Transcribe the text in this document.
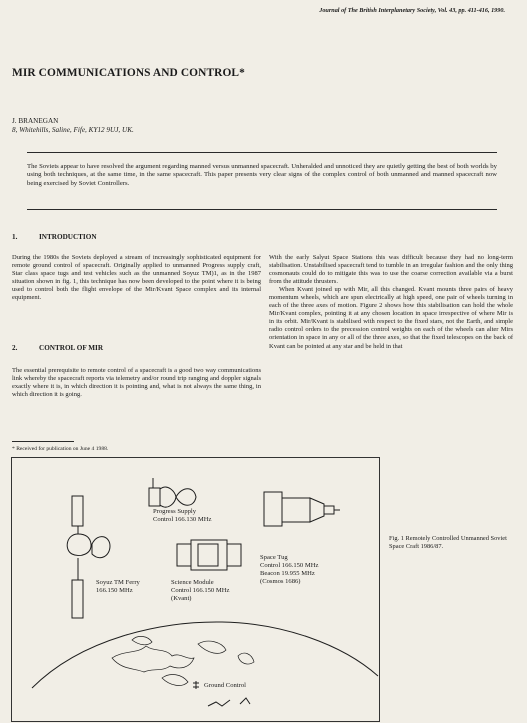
Journal of The British Interplanetary Society, Vol. 43, pp. 411-416, 1990.
MIR COMMUNICATIONS AND CONTROL*
J. BRANEGAN
8, Whitehills, Saline, Fife, KY12 9UJ, UK.
The Soviets appear to have resolved the argument regarding manned versus unmanned spacecraft. Unheralded and unnoticed they are quietly getting the best of both worlds by using both techniques, at the same time, in the same spacecraft. This paper presents very clear signs of the complex control of both unmanned and manned spacecraft now being exercised by Soviet Controllers.
1.	INTRODUCTION

During the 1980s the Soviets deployed a stream of increasingly sophisticated equipment for remote ground control of spacecraft. Originally applied to unmanned Progress supply craft, Star class space tugs and test vehicles such as the unmanned Soyuz TM)1, as in the 1987 situation shown in fig. 1, this technique has now been developed to the point where it is being used to control both the flight envelope of the Mir/Kvant Space complex and its internal equipment.

2.	CONTROL OF MIR

The essential prerequisite to remote control of a spacecraft is a good two way communications link whereby the spacecraft reports via telemetry and/or round trip ranging and doppler signals exactly where it is, in which direction it is pointing and, what is not always the same thing, in which direction it is going.

With the early Salyut Space Stations this was difficult because they had no long-term stabilisation. Unstabilised spacecraft tend to tumble in an irregular fashion and the only thing cosmonauts could do to mitigate this was to use the coarse correction available via a burst from the attitude thrusters.

When Kvant joined up with Mir, all this changed. Kvant mounts three pairs of heavy momentum wheels, which are spun electrically at high speed, one pair of wheels turning in each of the three axes of motion. Figure 2 shows how this stabilisation can hold the whole Mir/Kvant complex, pointing it at any chosen location in space irrespective of where Mir is in its orbit. Mir/Kvant is stabilised with respect to the fixed stars, not the Earth, and simple radio control orders to the precession control weights on each of the wheels can alter Mirs orientation in space in any or all of the three axes, so that the fixed telescopes on the back of Kvant can be pointed at any star and be held in that

* Received for publication on June 4 1988.
Progress Supply
Control 166.130 MHz
Soyuz TM Ferry
166.150 MHz
Science Module
Control 166.150 MHz
(Kvant)
Space Tug
Control 166.150 MHz
Beacon 19.955 MHz
(Cosmos 1686)
Ground Control
Fig. 1 Remotely Controlled Unmanned Soviet Space Craft 1986/87.
